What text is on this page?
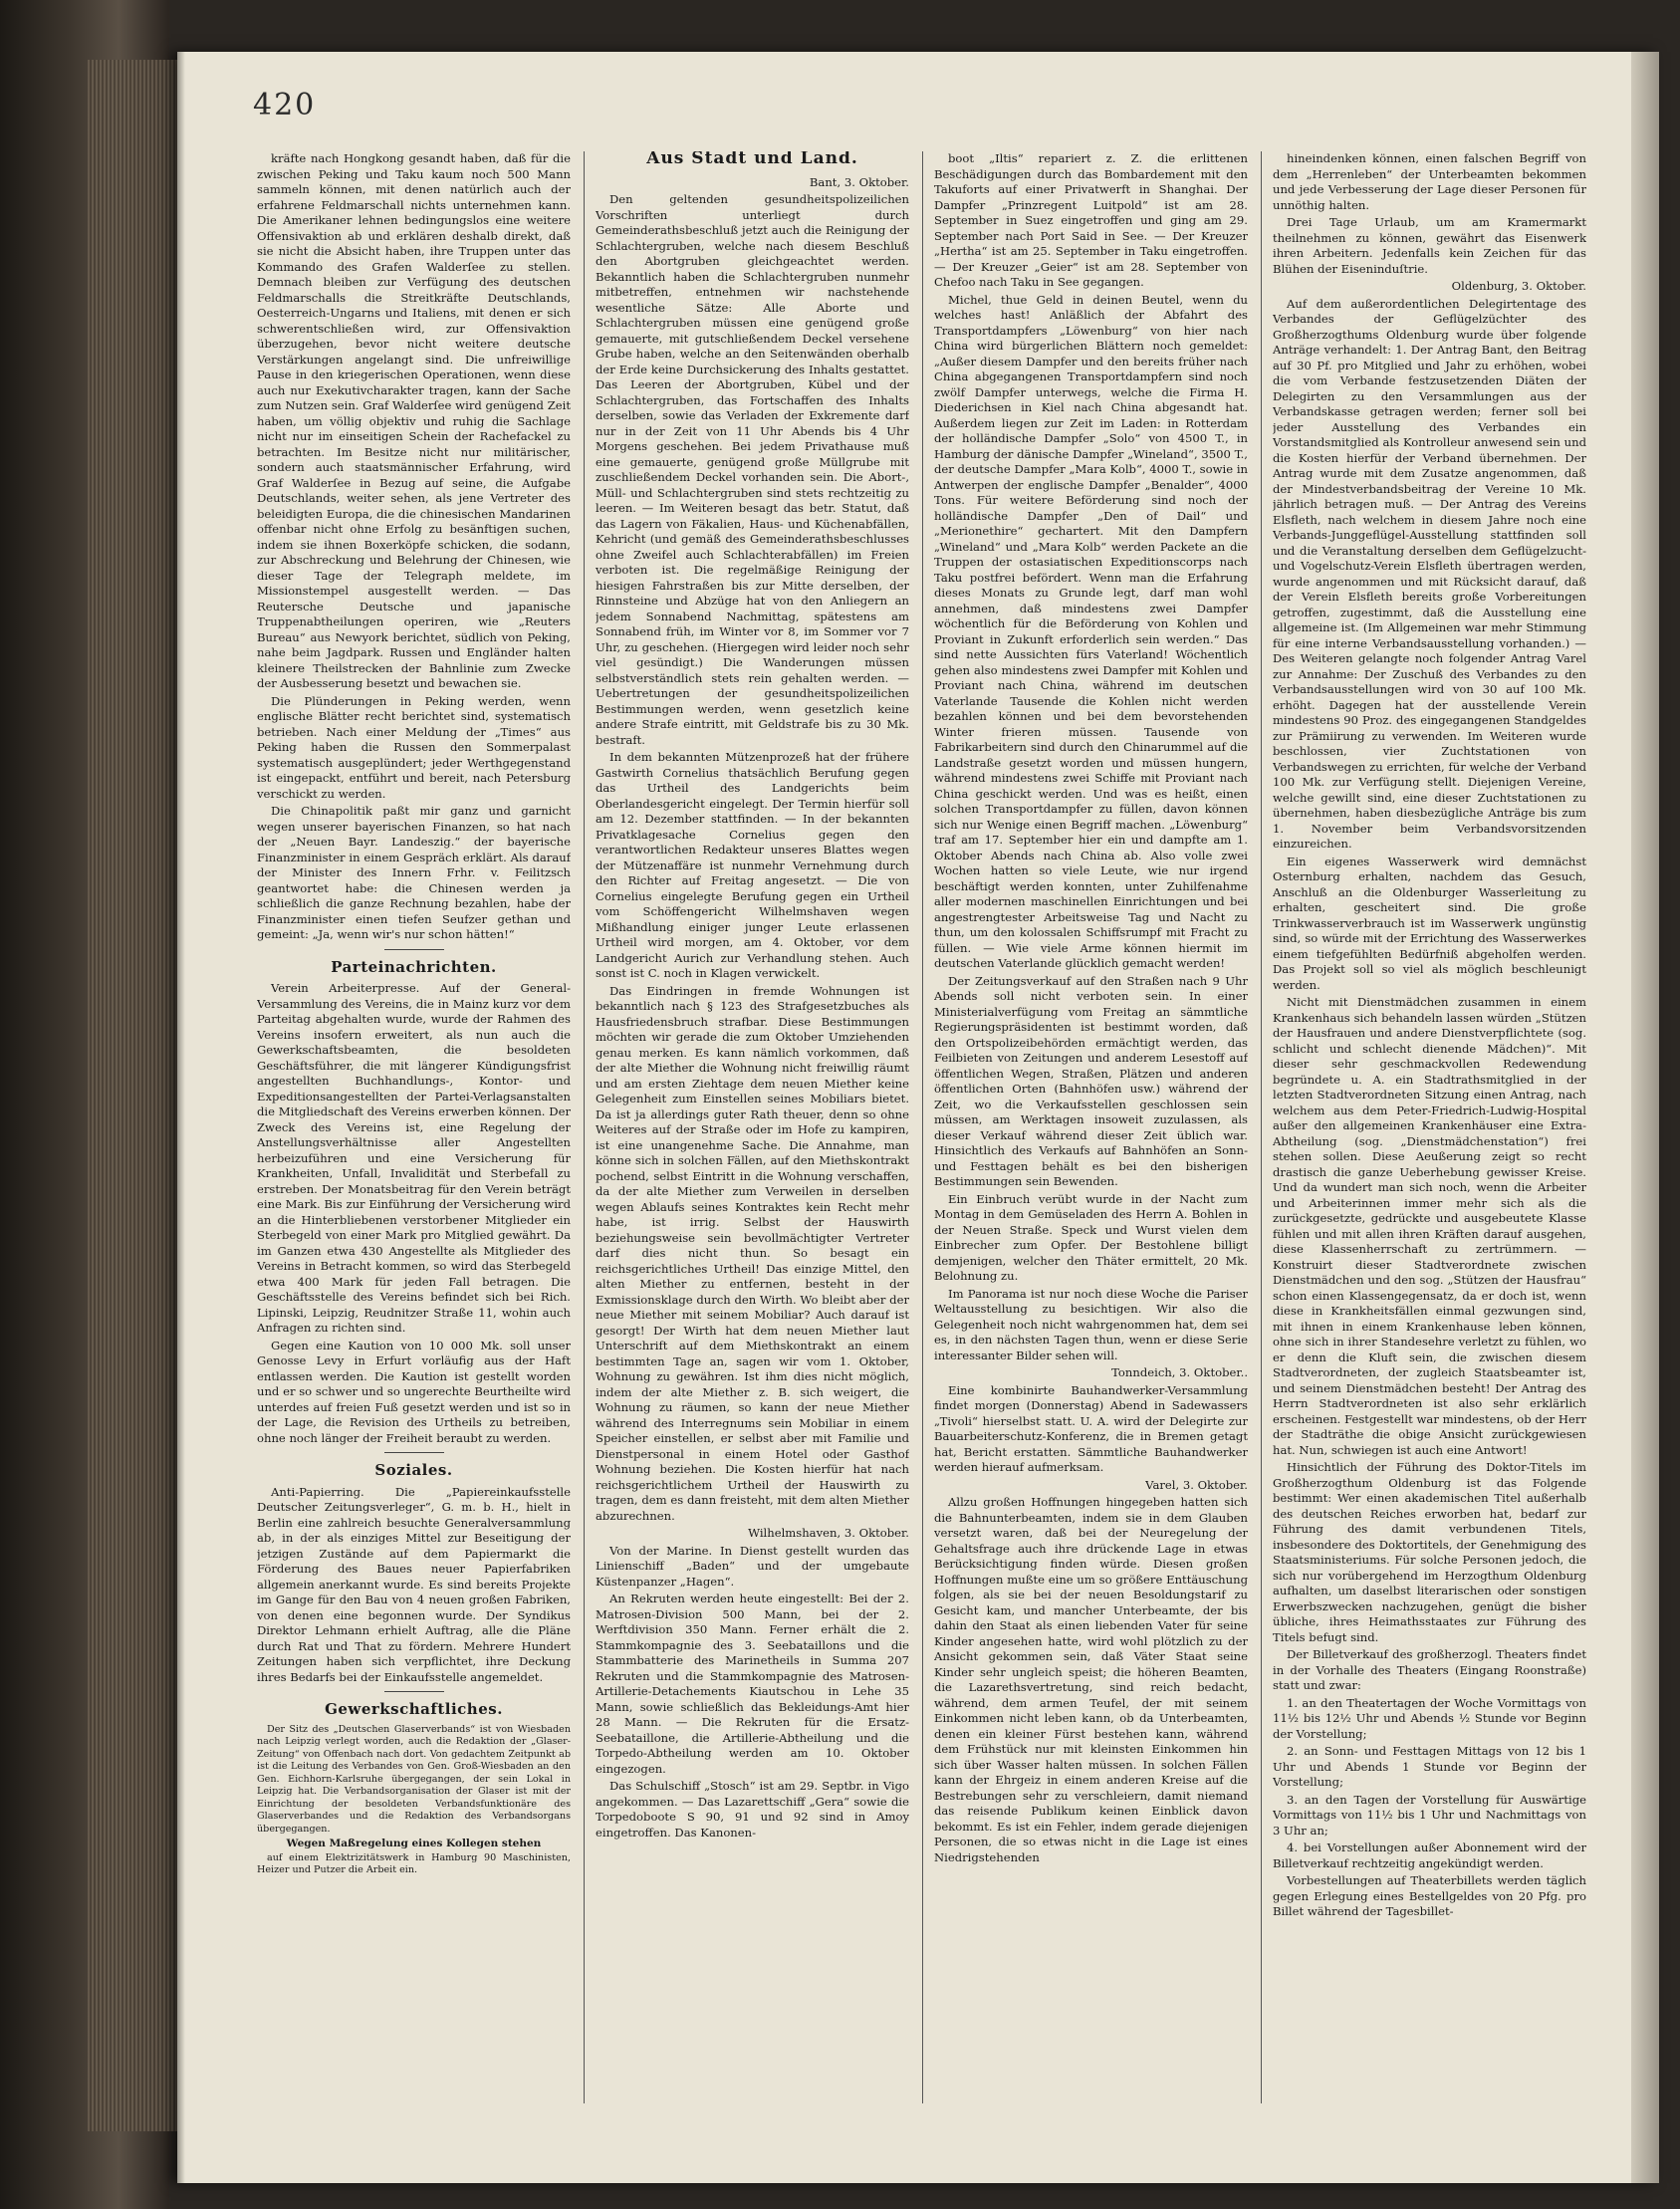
420

kräfte nach Hongkong gesandt haben, daß für die zwischen Peking und Taku kaum noch 500 Mann sammeln können, mit denen natürlich auch der erfahrene Feldmarschall nichts unternehmen kann. Die Amerikaner lehnen bedingungslos eine weitere Offensivaktion ab und erklären deshalb direkt, daß sie nicht die Absicht haben, ihre Truppen unter das Kommando des Grafen Walderſee zu stellen. Demnach bleiben zur Verfügung des deutschen Feldmarschalls die Streitkräfte Deutschlands, Oesterreich-Ungarns und Italiens, mit denen er sich schwerentschließen wird, zur Offensivaktion überzugehen, bevor nicht weitere deutsche Verstärkungen angelangt sind. Die unfreiwillige Pause in den kriegerischen Operationen, wenn diese auch nur Exekutivcharakter tragen, kann der Sache zum Nutzen sein. Graf Walderſee wird genügend Zeit haben, um völlig objektiv und ruhig die Sachlage nicht nur im einseitigen Schein der Rachefackel zu betrachten. Im Besitze nicht nur militärischer, sondern auch staatsmännischer Erfahrung, wird Graf Walderſee in Bezug auf seine, die Aufgabe Deutschlands, weiter sehen, als jene Vertreter des beleidigten Europa, die die chinesischen Mandarinen offenbar nicht ohne Erfolg zu besänftigen suchen, indem sie ihnen Boxerköpfe schicken, die sodann, zur Abschreckung und Belehrung der Chinesen, wie dieser Tage der Telegraph meldete, im Missionstempel ausgestellt werden. — Das Reutersche Deutsche und japanische Truppenabtheilungen operiren, wie „Reuters Bureau“ aus Newyork berichtet, südlich von Peking, nahe beim Jagdpark. Russen und Engländer halten kleinere Theilstrecken der Bahnlinie zum Zwecke der Ausbesserung besetzt und bewachen sie.

Die Plünderungen in Peking werden, wenn englische Blätter recht berichtet sind, systematisch betrieben. Nach einer Meldung der „Times“ aus Peking haben die Russen den Sommerpalast systematisch ausgeplündert; jeder Werthgegenstand ist eingepackt, entführt und bereit, nach Petersburg verschickt zu werden.

Die Chinapolitik paßt mir ganz und garnicht wegen unserer bayerischen Finanzen, so hat nach der „Neuen Bayr. Landeszig.“ der bayerische Finanzminister in einem Gespräch erklärt. Als darauf der Minister des Innern Frhr. v. Feilitzsch geantwortet habe: die Chinesen werden ja schließlich die ganze Rechnung bezahlen, habe der Finanzminister einen tiefen Seufzer gethan und gemeint: „Ja, wenn wir's nur schon hätten!“

Parteinachrichten.

Verein Arbeiterpresse. Auf der General-Versammlung des Vereins, die in Mainz kurz vor dem Parteitag abgehalten wurde, wurde der Rahmen des Vereins insofern erweitert, als nun auch die Gewerkschaftsbeamten, die besoldeten Geschäftsführer, die mit längerer Kündigungsfrist angestellten Buchhandlungs-, Kontor- und Expeditionsangestellten der Partei-Verlagsanstalten die Mitgliedschaft des Vereins erwerben können. Der Zweck des Vereins ist, eine Regelung der Anstellungsverhältnisse aller Angestellten herbeizuführen und eine Versicherung für Krankheiten, Unfall, Invalidität und Sterbefall zu erstreben. Der Monatsbeitrag für den Verein beträgt eine Mark. Bis zur Einführung der Versicherung wird an die Hinterbliebenen verstorbener Mitglieder ein Sterbegeld von einer Mark pro Mitglied gewährt. Da im Ganzen etwa 430 Angestellte als Mitglieder des Vereins in Betracht kommen, so wird das Sterbegeld etwa 400 Mark für jeden Fall betragen. Die Geschäftsstelle des Vereins befindet sich bei Rich. Lipinski, Leipzig, Reudnitzer Straße 11, wohin auch Anfragen zu richten sind.

Gegen eine Kaution von 10 000 Mk. soll unser Genosse Levy in Erfurt vorläufig aus der Haft entlassen werden. Die Kaution ist gestellt worden und er so schwer und so ungerechte Beurtheilte wird unterdes auf freien Fuß gesetzt werden und ist so in der Lage, die Revision des Urtheils zu betreiben, ohne noch länger der Freiheit beraubt zu werden.

Soziales.

Anti-Papierring. Die „Papiereinkaufsstelle Deutscher Zeitungsverleger“, G. m. b. H., hielt in Berlin eine zahlreich besuchte Generalversammlung ab, in der als einziges Mittel zur Beseitigung der jetzigen Zustände auf dem Papiermarkt die Förderung des Baues neuer Papierfabriken allgemein anerkannt wurde. Es sind bereits Projekte im Gange für den Bau von 4 neuen großen Fabriken, von denen eine begonnen wurde. Der Syndikus Direktor Lehmann erhielt Auftrag, alle die Pläne durch Rat und That zu fördern. Mehrere Hundert Zeitungen haben sich verpflichtet, ihre Deckung ihres Bedarfs bei der Einkaufsstelle angemeldet.

Gewerkschaftliches.

Der Sitz des „Deutschen Glaserverbands“ ist von Wiesbaden nach Leipzig verlegt worden, auch die Redaktion der „Glaser-Zeitung“ von Offenbach nach dort. Von gedachtem Zeitpunkt ab ist die Leitung des Verbandes von Gen. Groß-Wiesbaden an den Gen. Eichhorn-Karlsruhe übergegangen, der sein Lokal in Leipzig hat. Die Verbandsorganisation der Glaser ist mit der Einrichtung der besoldeten Verbandsfunktionäre des Glaserverbandes und die Redaktion des Verbandsorgans übergegangen.

Wegen Maßregelung eines Kollegen stehen

auf einem Elektrizitätswerk in Hamburg 90 Maschinisten, Heizer und Putzer die Arbeit ein.

Aus Stadt und Land.
Bant, 3. Oktober.

Den geltenden gesundheitspolizeilichen Vorschriften unterliegt durch Gemeinderathsbeschluß jetzt auch die Reinigung der Schlachtergruben, welche nach diesem Beschluß den Abortgruben gleichgeachtet werden. Bekanntlich haben die Schlachtergruben nunmehr mitbetreffen, entnehmen wir nachstehende wesentliche Sätze: Alle Aborte und Schlachtergruben müssen eine genügend große gemauerte, mit gutschließendem Deckel versehene Grube haben, welche an den Seitenwänden oberhalb der Erde keine Durchsickerung des Inhalts gestattet. Das Leeren der Abortgruben, Kübel und der Schlachtergruben, das Fortschaffen des Inhalts derselben, sowie das Verladen der Exkremente darf nur in der Zeit von 11 Uhr Abends bis 4 Uhr Morgens geschehen. Bei jedem Privathause muß eine gemauerte, genügend große Müllgrube mit zuschließendem Deckel vorhanden sein. Die Abort-, Müll- und Schlachtergruben sind stets rechtzeitig zu leeren. — Im Weiteren besagt das betr. Statut, daß das Lagern von Fäkalien, Haus- und Küchenabfällen, Kehricht (und gemäß des Gemeinderathsbeschlusses ohne Zweifel auch Schlachterabfällen) im Freien verboten ist. Die regelmäßige Reinigung der hiesigen Fahrstraßen bis zur Mitte derselben, der Rinnsteine und Abzüge hat von den Anliegern an jedem Sonnabend Nachmittag, spätestens am Sonnabend früh, im Winter vor 8, im Sommer vor 7 Uhr, zu geschehen. (Hiergegen wird leider noch sehr viel gesündigt.) Die Wanderungen müssen selbstverständlich stets rein gehalten werden. — Uebertretungen der gesundheitspolizeilichen Bestimmungen werden, wenn gesetzlich keine andere Strafe eintritt, mit Geldstrafe bis zu 30 Mk. bestraft.

In dem bekannten Mützenprozeß hat der frühere Gastwirth Cornelius thatsächlich Berufung gegen das Urtheil des Landgerichts beim Oberlandesgericht eingelegt. Der Termin hierfür soll am 12. Dezember stattfinden. — In der bekannten Privatklagesache Cornelius gegen den verantwortlichen Redakteur unseres Blattes wegen der Mützenaffäre ist nunmehr Vernehmung durch den Richter auf Freitag angesetzt. — Die von Cornelius eingelegte Berufung gegen ein Urtheil vom Schöffengericht Wilhelmshaven wegen Mißhandlung einiger junger Leute erlassenen Urtheil wird morgen, am 4. Oktober, vor dem Landgericht Aurich zur Verhandlung stehen. Auch sonst ist C. noch in Klagen verwickelt.

Das Eindringen in fremde Wohnungen ist bekanntlich nach § 123 des Strafgesetzbuches als Hausfriedensbruch strafbar. Diese Bestimmungen möchten wir gerade die zum Oktober Umziehenden genau merken. Es kann nämlich vorkommen, daß der alte Miether die Wohnung nicht freiwillig räumt und am ersten Ziehtage dem neuen Miether keine Gelegenheit zum Einstellen seines Mobiliars bietet. Da ist ja allerdings guter Rath theuer, denn so ohne Weiteres auf der Straße oder im Hofe zu kampiren, ist eine unangenehme Sache. Die Annahme, man könne sich in solchen Fällen, auf den Miethskontrakt pochend, selbst Eintritt in die Wohnung verschaffen, da der alte Miether zum Verweilen in derselben wegen Ablaufs seines Kontraktes kein Recht mehr habe, ist irrig. Selbst der Hauswirth beziehungsweise sein bevollmächtigter Vertreter darf dies nicht thun. So besagt ein reichsgerichtliches Urtheil! Das einzige Mittel, den alten Miether zu entfernen, besteht in der Exmissionsklage durch den Wirth. Wo bleibt aber der neue Miether mit seinem Mobiliar? Auch darauf ist gesorgt! Der Wirth hat dem neuen Miether laut Unterschrift auf dem Miethskontrakt an einem bestimmten Tage an, sagen wir vom 1. Oktober, Wohnung zu gewähren. Ist ihm dies nicht möglich, indem der alte Miether z. B. sich weigert, die Wohnung zu räumen, so kann der neue Miether während des Interregnums sein Mobiliar in einem Speicher einstellen, er selbst aber mit Familie und Dienstpersonal in einem Hotel oder Gasthof Wohnung beziehen. Die Kosten hierfür hat nach reichsgerichtlichem Urtheil der Hauswirth zu tragen, dem es dann freisteht, mit dem alten Miether abzurechnen.

Wilhelmshaven, 3. Oktober.

Von der Marine. In Dienst gestellt wurden das Linienschiff „Baden“ und der umgebaute Küstenpanzer „Hagen“.

An Rekruten werden heute eingestellt: Bei der 2. Matrosen-Division 500 Mann, bei der 2. Werftdivision 350 Mann. Ferner erhält die 2. Stammkompagnie des 3. Seebataillons und die Stammbatterie des Marinetheils in Summa 207 Rekruten und die Stammkompagnie des Matrosen-Artillerie-Detachements Kiautschou in Lehe 35 Mann, sowie schließlich das Bekleidungs-Amt hier 28 Mann. — Die Rekruten für die Ersatz-Seebataillone, die Artillerie-Abtheilung und die Torpedo-Abtheilung werden am 10. Oktober eingezogen.

Das Schulschiff „Stosch“ ist am 29. Septbr. in Vigo angekommen. — Das Lazarettschiff „Gera“ sowie die Torpedoboote S 90, 91 und 92 sind in Amoy eingetroffen. Das Kanonen-

boot „Iltis“ repariert z. Z. die erlittenen Beschädigungen durch das Bombardement mit den Takuforts auf einer Privatwerft in Shanghai. Der Dampfer „Prinzregent Luitpold“ ist am 28. September in Suez eingetroffen und ging am 29. September nach Port Said in See. — Der Kreuzer „Hertha“ ist am 25. September in Taku eingetroffen. — Der Kreuzer „Geier“ ist am 28. September von Chefoo nach Taku in See gegangen.

Michel, thue Geld in deinen Beutel, wenn du welches hast! Anläßlich der Abfahrt des Transportdampfers „Löwenburg“ von hier nach China wird bürgerlichen Blättern noch gemeldet: „Außer diesem Dampfer und den bereits früher nach China abgegangenen Transportdampfern sind noch zwölf Dampfer unterwegs, welche die Firma H. Diederichsen in Kiel nach China abgesandt hat. Außerdem liegen zur Zeit im Laden: in Rotterdam der holländische Dampfer „Solo“ von 4500 T., in Hamburg der dänische Dampfer „Wineland“, 3500 T., der deutsche Dampfer „Mara Kolb“, 4000 T., sowie in Antwerpen der englische Dampfer „Benalder“, 4000 Tons. Für weitere Beförderung sind noch der holländische Dampfer „Den of Dail“ und „Merionethire“ gechartert. Mit den Dampfern „Wineland“ und „Mara Kolb“ werden Packete an die Truppen der ostasiatischen Expeditionscorps nach Taku postfrei befördert. Wenn man die Erfahrung dieses Monats zu Grunde legt, darf man wohl annehmen, daß mindestens zwei Dampfer wöchentlich für die Beförderung von Kohlen und Proviant in Zukunft erforderlich sein werden.“ Das sind nette Aussichten fürs Vaterland! Wöchentlich gehen also mindestens zwei Dampfer mit Kohlen und Proviant nach China, während im deutschen Vaterlande Tausende die Kohlen nicht werden bezahlen können und bei dem bevorstehenden Winter frieren müssen. Tausende von Fabrikarbeitern sind durch den Chinarummel auf die Landstraße gesetzt worden und müssen hungern, während mindestens zwei Schiffe mit Proviant nach China geschickt werden. Und was es heißt, einen solchen Transportdampfer zu füllen, davon können sich nur Wenige einen Begriff machen. „Löwenburg“ traf am 17. September hier ein und dampfte am 1. Oktober Abends nach China ab. Also volle zwei Wochen hatten so viele Leute, wie nur irgend beschäftigt werden konnten, unter Zuhilfenahme aller modernen maschinellen Einrichtungen und bei angestrengtester Arbeitsweise Tag und Nacht zu thun, um den kolossalen Schiffsrumpf mit Fracht zu füllen. — Wie viele Arme können hiermit im deutschen Vaterlande glücklich gemacht werden!

Der Zeitungsverkauf auf den Straßen nach 9 Uhr Abends soll nicht verboten sein. In einer Ministerialverfügung vom Freitag an sämmtliche Regierungspräsidenten ist bestimmt worden, daß den Ortspolizeibehörden ermächtigt werden, das Feilbieten von Zeitungen und anderem Lesestoff auf öffentlichen Wegen, Straßen, Plätzen und anderen öffentlichen Orten (Bahnhöfen usw.) während der Zeit, wo die Verkaufsstellen geschlossen sein müssen, am Werktagen insoweit zuzulassen, als dieser Verkauf während dieser Zeit üblich war. Hinsichtlich des Verkaufs auf Bahnhöfen an Sonn- und Festtagen behält es bei den bisherigen Bestimmungen sein Bewenden.

Ein Einbruch verübt wurde in der Nacht zum Montag in dem Gemüseladen des Herrn A. Bohlen in der Neuen Straße. Speck und Wurst vielen dem Einbrecher zum Opfer. Der Bestohlene billigt demjenigen, welcher den Thäter ermittelt, 20 Mk. Belohnung zu.

Im Panorama ist nur noch diese Woche die Pariser Weltausstellung zu besichtigen. Wir also die Gelegenheit noch nicht wahrgenommen hat, dem sei es, in den nächsten Tagen thun, wenn er diese Serie interessanter Bilder sehen will.

Tonndeich, 3. Oktober..

Eine kombinirte Bauhandwerker-Versammlung findet morgen (Donnerstag) Abend in Sadewassers „Tivoli“ hierselbst statt. U. A. wird der Delegirte zur Bauarbeiterschutz-Konferenz, die in Bremen getagt hat, Bericht erstatten. Sämmtliche Bauhandwerker werden hierauf aufmerksam.

Varel, 3. Oktober.

Allzu großen Hoffnungen hingegeben hatten sich die Bahnunterbeamten, indem sie in dem Glauben versetzt waren, daß bei der Neuregelung der Gehaltsfrage auch ihre drückende Lage in etwas Berücksichtigung finden würde. Diesen großen Hoffnungen mußte eine um so größere Enttäuschung folgen, als sie bei der neuen Besoldungstarif zu Gesicht kam, und mancher Unterbeamte, der bis dahin den Staat als einen liebenden Vater für seine Kinder angesehen hatte, wird wohl plötzlich zu der Ansicht gekommen sein, daß Väter Staat seine Kinder sehr ungleich speist; die höheren Beamten, die Lazarethsvertretung, sind reich bedacht, während, dem armen Teufel, der mit seinem Einkommen nicht leben kann, ob da Unterbeamten, denen ein kleiner Fürst bestehen kann, während dem Frühstück nur mit kleinsten Einkommen hin sich über Wasser halten müssen. In solchen Fällen kann der Ehrgeiz in einem anderen Kreise auf die Bestrebungen sehr zu verschleiern, damit niemand das reisende Publikum keinen Einblick davon bekommt. Es ist ein Fehler, indem gerade diejenigen Personen, die so etwas nicht in die Lage ist eines Niedrigstehenden

hineindenken können, einen falschen Begriff von dem „Herrenleben“ der Unterbeamten bekommen und jede Verbesserung der Lage dieser Personen für unnöthig halten.

Drei Tage Urlaub, um am Kramermarkt theilnehmen zu können, gewährt das Eisenwerk ihren Arbeitern. Jedenfalls kein Zeichen für das Blühen der Eiseninduſtrie.

Oldenburg, 3. Oktober.

Auf dem außerordentlichen Delegirtentage des Verbandes der Geflügelzüchter des Großherzogthums Oldenburg wurde über folgende Anträge verhandelt: 1. Der Antrag Bant, den Beitrag auf 30 Pf. pro Mitglied und Jahr zu erhöhen, wobei die vom Verbande festzusetzenden Diäten der Delegirten zu den Versammlungen aus der Verbandskasse getragen werden; ferner soll bei jeder Ausstellung des Verbandes ein Vorstandsmitglied als Kontrolleur anwesend sein und die Kosten hierfür der Verband übernehmen. Der Antrag wurde mit dem Zusatze angenommen, daß der Mindestverbandsbeitrag der Vereine 10 Mk. jährlich betragen muß. — Der Antrag des Vereins Elsfleth, nach welchem in diesem Jahre noch eine Verbands-Junggeflügel-Ausstellung stattfinden soll und die Veranstaltung derselben dem Geflügelzucht- und Vogelschutz-Verein Elsfleth übertragen werden, wurde angenommen und mit Rücksicht darauf, daß der Verein Elsfleth bereits große Vorbereitungen getroffen, zugestimmt, daß die Ausstellung eine allgemeine ist. (Im Allgemeinen war mehr Stimmung für eine interne Verbandsausstellung vorhanden.) — Des Weiteren gelangte noch folgender Antrag Varel zur Annahme: Der Zuschuß des Verbandes zu den Verbandsausstellungen wird von 30 auf 100 Mk. erhöht. Dagegen hat der ausstellende Verein mindestens 90 Proz. des eingegangenen Standgeldes zur Prämiirung zu verwenden. Im Weiteren wurde beschlossen, vier Zuchtstationen von Verbandswegen zu errichten, für welche der Verband 100 Mk. zur Verfügung stellt. Diejenigen Vereine, welche gewillt sind, eine dieser Zuchtstationen zu übernehmen, haben diesbezügliche Anträge bis zum 1. November beim Verbandsvorsitzenden einzureichen.

Ein eigenes Wasserwerk wird demnächst Osternburg erhalten, nachdem das Gesuch, Anschluß an die Oldenburger Wasserleitung zu erhalten, gescheitert sind. Die große Trinkwasserverbrauch ist im Wasserwerk ungünstig sind, so würde mit der Errichtung des Wasserwerkes einem tiefgefühlten Bedürfniß abgeholfen werden. Das Projekt soll so viel als möglich beschleunigt werden.

Nicht mit Dienstmädchen zusammen in einem Krankenhaus sich behandeln lassen würden „Stützen der Hausfrauen und andere Dienstverpflichtete (sog. schlicht und schlecht dienende Mädchen)“. Mit dieser sehr geschmackvollen Redewendung begründete u. A. ein Stadtrathsmitglied in der letzten Stadtverordneten Sitzung einen Antrag, nach welchem aus dem Peter-Friedrich-Ludwig-Hospital außer den allgemeinen Krankenhäuser eine Extra-Abtheilung (sog. „Dienstmädchenstation“) frei stehen sollen. Diese Aeußerung zeigt so recht drastisch die ganze Ueberhebung gewisser Kreise. Und da wundert man sich noch, wenn die Arbeiter und Arbeiterinnen immer mehr sich als die zurückgesetzte, gedrückte und ausgebeutete Klasse fühlen und mit allen ihren Kräften darauf ausgehen, diese Klassenherrschaft zu zertrümmern. — Konstruirt dieser Stadtverordnete zwischen Dienstmädchen und den sog. „Stützen der Hausfrau“ schon einen Klassengegensatz, da er doch ist, wenn diese in Krankheitsfällen einmal gezwungen sind, mit ihnen in einem Krankenhause leben können, ohne sich in ihrer Standesehre verletzt zu fühlen, wo er denn die Kluft sein, die zwischen diesem Stadtverordneten, der zugleich Staatsbeamter ist, und seinem Dienstmädchen besteht! Der Antrag des Herrn Stadtverordneten ist also sehr erklärlich erscheinen. Festgestellt war mindestens, ob der Herr der Stadträthe die obige Ansicht zurückgewiesen hat. Nun, schwiegen ist auch eine Antwort!

Hinsichtlich der Führung des Doktor-Titels im Großherzogthum Oldenburg ist das Folgende bestimmt: Wer einen akademischen Titel außerhalb des deutschen Reiches erworben hat, bedarf zur Führung des damit verbundenen Titels, insbesondere des Doktortitels, der Genehmigung des Staatsministeriums. Für solche Personen jedoch, die sich nur vorübergehend im Herzogthum Oldenburg aufhalten, um daselbst literarischen oder sonstigen Erwerbszwecken nachzugehen, genügt die bisher übliche, ihres Heimathsstaates zur Führung des Titels befugt sind.

Der Billetverkauf des großherzogl. Theaters findet in der Vorhalle des Theaters (Eingang Roonstraße) statt und zwar:

1. an den Theatertagen der Woche Vormittags von 11½ bis 12½ Uhr und Abends ½ Stunde vor Beginn der Vorstellung;

2. an Sonn- und Festtagen Mittags von 12 bis 1 Uhr und Abends 1 Stunde vor Beginn der Vorstellung;

3. an den Tagen der Vorstellung für Auswärtige Vormittags von 11½ bis 1 Uhr und Nachmittags von 3 Uhr an;

4. bei Vorstellungen außer Abonnement wird der Billetverkauf rechtzeitig angekündigt werden.

Vorbestellungen auf Theaterbillets werden täglich gegen Erlegung eines Bestellgeldes von 20 Pfg. pro Billet während der Tagesbillet-
